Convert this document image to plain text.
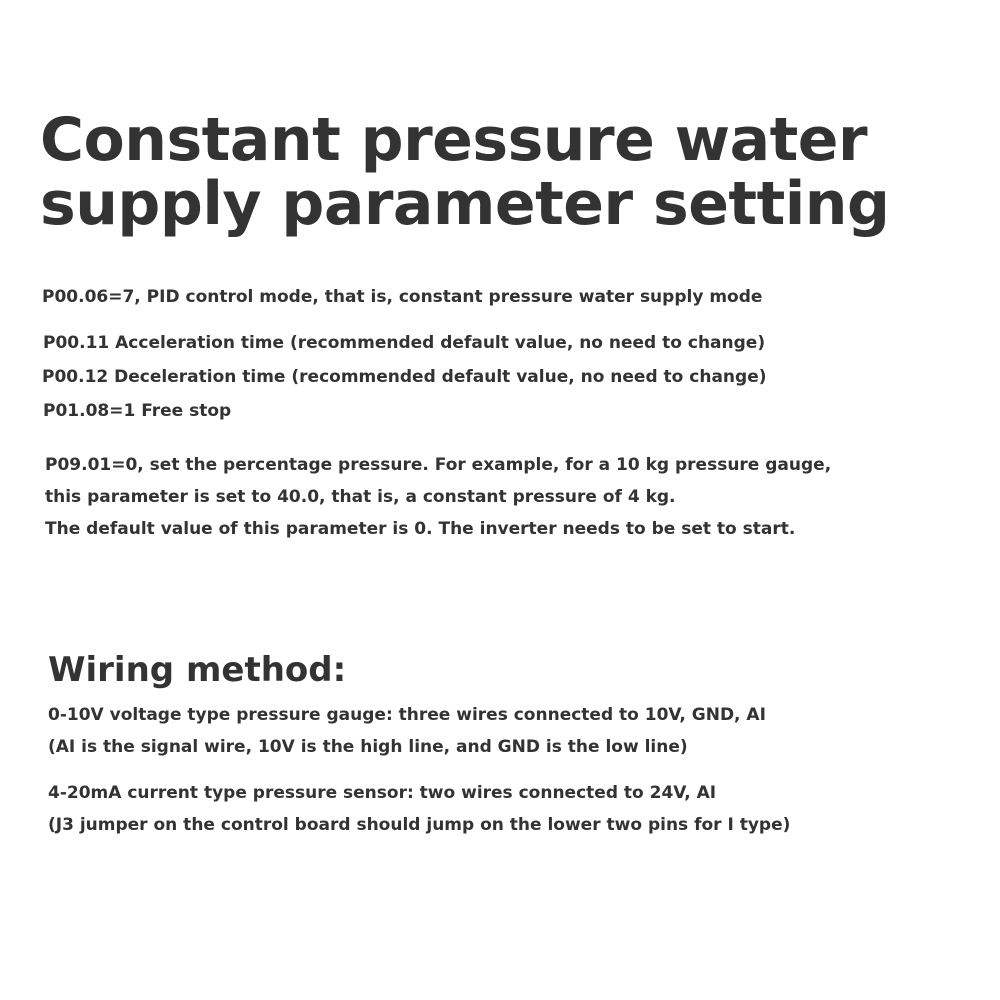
Constant pressure water
supply parameter setting

P00.06=7, PID control mode, that is, constant pressure water supply mode

P00.11 Acceleration time (recommended default value, no need to change)

P00.12 Deceleration time (recommended default value, no need to change)

P01.08=1 Free stop

P09.01=0, set the percentage pressure. For example, for a 10 kg pressure gauge,

this parameter is set to 40.0, that is, a constant pressure of 4 kg.

The default value of this parameter is 0. The inverter needs to be set to start.

Wiring method:

0-10V voltage type pressure gauge: three wires connected to 10V, GND, AI

(AI is the signal wire, 10V is the high line, and GND is the low line)

4-20mA current type pressure sensor: two wires connected to 24V, AI

(J3 jumper on the control board should jump on the lower two pins for I type)
